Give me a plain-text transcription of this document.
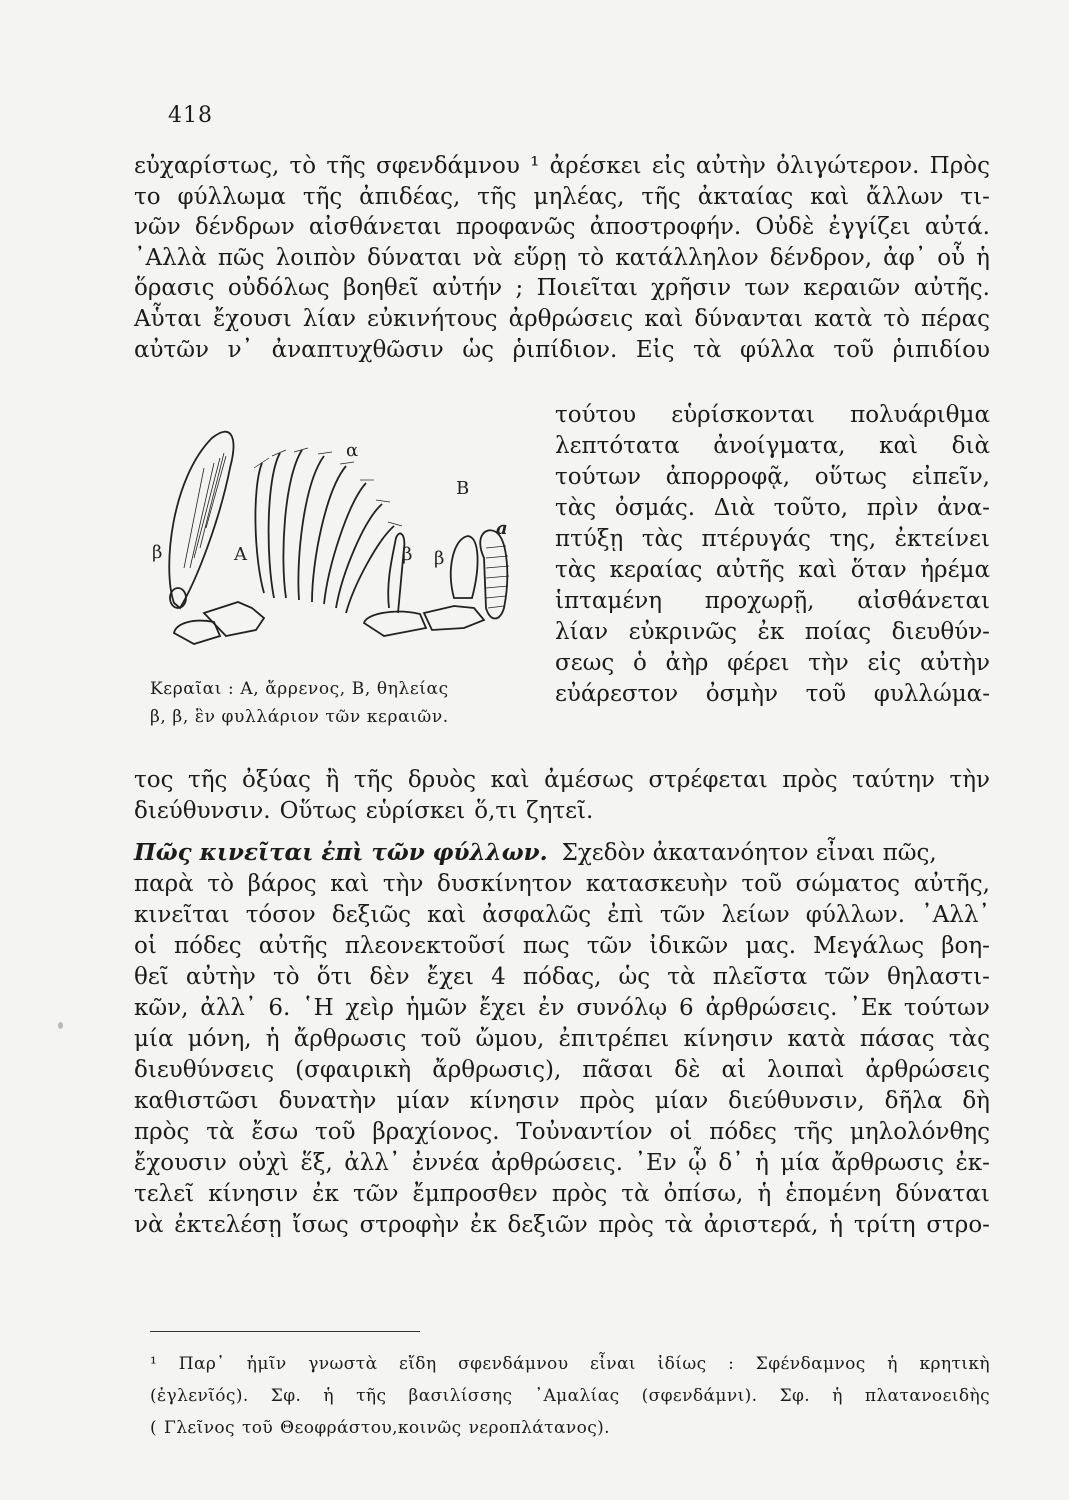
418
εὐχαρίστως, τὸ τῆς σφενδάμνου ¹ ἀρέσκει εἰς αὐτὴν ὀλιγώτερον. Πρὸς
το φύλλωμα τῆς ἀπιδέας, τῆς μηλέας, τῆς ἀκταίας καὶ ἄλλων τι-
νῶν δένδρων αἰσθάνεται προφανῶς ἀποστροφήν. Οὐδὲ ἐγγίζει αὐτά.
᾿Αλλὰ πῶς λοιπὸν δύναται νὰ εὕρῃ τὸ κατάλληλον δένδρον, ἀφ᾿ οὗ ἡ
ὅρασις οὐδόλως βοηθεῖ αὐτήν ; Ποιεῖται χρῆσιν των κεραιῶν αὐτῆς.
Αὗται ἔχουσι λίαν εὐκινήτους ἀρθρώσεις καὶ δύνανται κατὰ τὸ πέρας
αὐτῶν ν᾿ ἀναπτυχθῶσιν ὡς ῥιπίδιον. Εἰς τὰ φύλλα τοῦ ῥιπιδίου
τούτου εὑρίσκονται πολυάριθμα
λεπτότατα ἀνοίγματα, καὶ διὰ
τούτων ἀπορροφᾷ, οὕτως εἰπεῖν,
τὰς ὀσμάς. Διὰ τοῦτο, πρὶν ἀνα-
πτύξῃ τὰς πτέρυγάς της, ἐκτείνει
τὰς κεραίας αὐτῆς καὶ ὅταν ἠρέμα
ἱπταμένη προχωρῇ, αἰσθάνεται
λίαν εὐκρινῶς ἐκ ποίας διευθύν-
σεως ὁ ἀὴρ φέρει τὴν εἰς αὐτὴν
εὐάρεστον ὀσμὴν τοῦ φυλλώμα-
A
B
α
a
β	β β
Κεραῖαι : Α, ἄρρενος, Β, θηλείας
β, β, ἓν φυλλάριον τῶν κεραιῶν.
τος τῆς ὀξύας ἢ τῆς δρυὸς καὶ ἀμέσως στρέφεται πρὸς ταύτην τὴν
διεύθυνσιν. Οὕτως εὑρίσκει ὅ,τι ζητεῖ.
Πῶς κινεῖται ἐπὶ τῶν φύλλων. Σχεδὸν ἀκατανόητον εἶναι πῶς,
παρὰ τὸ βάρος καὶ τὴν δυσκίνητον κατασκευὴν τοῦ σώματος αὐτῆς,
κινεῖται τόσον δεξιῶς καὶ ἀσφαλῶς ἐπὶ τῶν λείων φύλλων. ᾿Αλλ᾿
οἱ πόδες αὐτῆς πλεονεκτοῦσί πως τῶν ἰδικῶν μας. Μεγάλως βοη-
θεῖ αὐτὴν τὸ ὅτι δὲν ἔχει 4 πόδας, ὡς τὰ πλεῖστα τῶν θηλαστι-
κῶν, ἀλλ᾿ 6. ῾Η χεὶρ ἡμῶν ἔχει ἐν συνόλῳ 6 ἀρθρώσεις. ᾿Εκ τούτων
μία μόνη, ἡ ἄρθρωσις τοῦ ὤμου, ἐπιτρέπει κίνησιν κατὰ πάσας τὰς
διευθύνσεις (σφαιρικὴ ἄρθρωσις), πᾶσαι δὲ αἱ λοιπαὶ ἀρθρώσεις
καθιστῶσι δυνατὴν μίαν κίνησιν πρὸς μίαν διεύθυνσιν, δῆλα δὴ
πρὸς τὰ ἔσω τοῦ βραχίονος. Τοὐναντίον οἱ πόδες τῆς μηλολόνθης
ἔχουσιν οὐχὶ ἕξ, ἀλλ᾿ ἐννέα ἀρθρώσεις. ᾿Εν ᾧ δ᾿ ἡ μία ἄρθρωσις ἐκ-
τελεῖ κίνησιν ἐκ τῶν ἔμπροσθεν πρὸς τὰ ὀπίσω, ἡ ἑπομένη δύναται
νὰ ἐκτελέσῃ ἴσως στροφὴν ἐκ δεξιῶν πρὸς τὰ ἀριστερά, ἡ τρίτη στρο-
¹ Παρ᾿ ἡμῖν γνωστὰ εἴδη σφενδάμνου εἶναι ἰδίως : Σφένδαμνος ἡ κρητικὴ
(ἐγλενῖός). Σφ. ἡ τῆς βασιλίσσης ᾿Αμαλίας (σφενδάμνι). Σφ. ἡ πλατανοειδὴς
( Γλεῖνος τοῦ Θεοφράστου,κοινῶς νεροπλάτανος).
